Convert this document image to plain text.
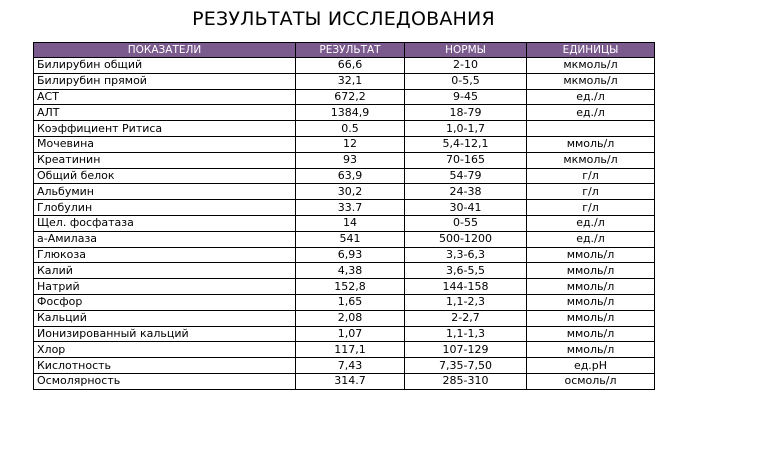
РЕЗУЛЬТАТЫ ИССЛЕДОВАНИЯ
ПОКАЗАТЕЛИ	РЕЗУЛЬТАТ	НОРМЫ	ЕДИНИЦЫ
Билирубин общий	66,6	2-10	мкмоль/л
Билирубин прямой	32,1	0-5,5	мкмоль/л
АСТ	672,2	9-45	ед./л
АЛТ	1384,9	18-79	ед./л
Коэффициент Ритиса	0.5	1,0-1,7	
Мочевина	12	5,4-12,1	ммоль/л
Креатинин	93	70-165	мкмоль/л
Общий белок	63,9	54-79	г/л
Альбумин	30,2	24-38	г/л
Глобулин	33.7	30-41	г/л
Щел. фосфатаза	14	0-55	ед./л
а-Амилаза	541	500-1200	ед./л
Глюкоза	6,93	3,3-6,3	ммоль/л
Калий	4,38	3,6-5,5	ммоль/л
Натрий	152,8	144-158	ммоль/л
Фосфор	1,65	1,1-2,3	ммоль/л
Кальций	2,08	2-2,7	ммоль/л
Ионизированный кальций	1,07	1,1-1,3	ммоль/л
Хлор	117,1	107-129	ммоль/л
Кислотность	7,43	7,35-7,50	ед.pH
Осмолярность	314.7	285-310	осмоль/л
